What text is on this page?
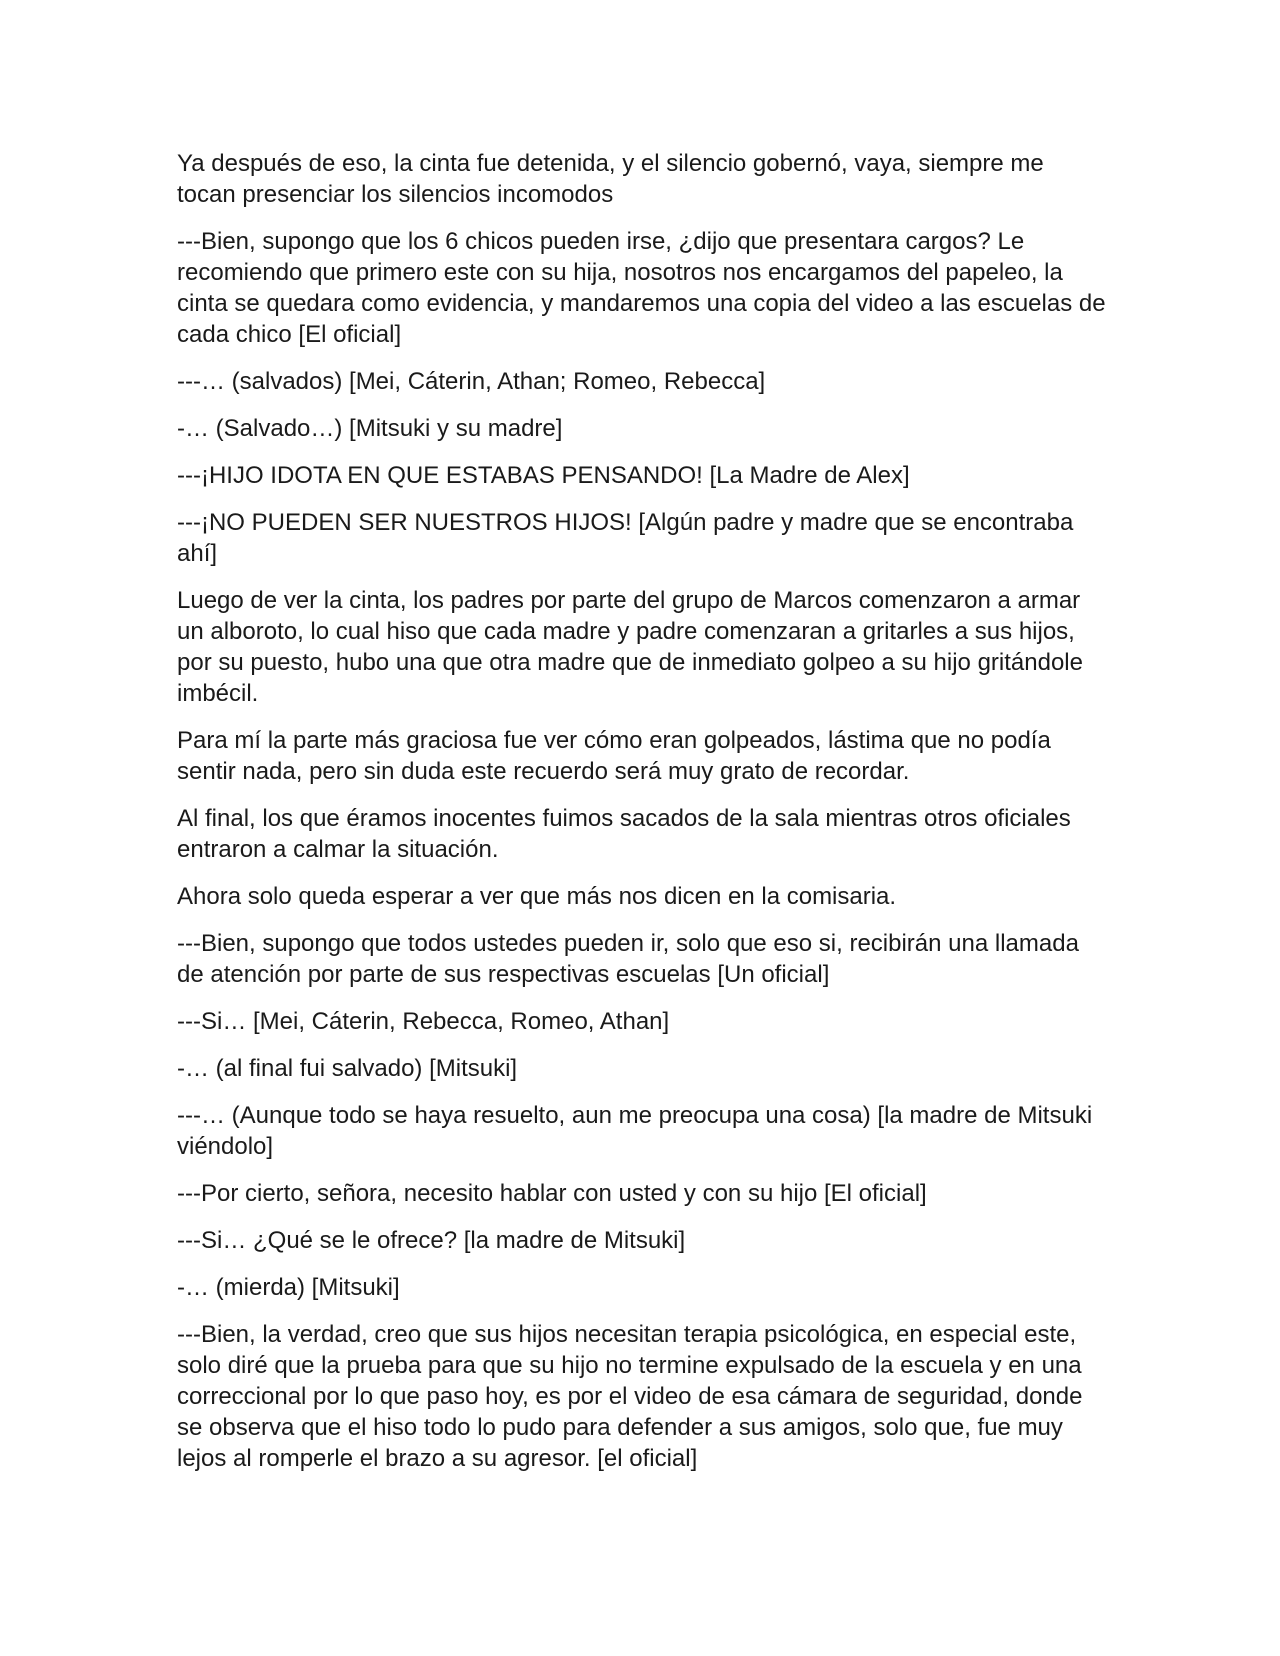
Ya después de eso, la cinta fue detenida, y el silencio gobernó, vaya, siempre me tocan presenciar los silencios incomodos

---Bien, supongo que los 6 chicos pueden irse, ¿dijo que presentara cargos? Le recomiendo que primero este con su hija, nosotros nos encargamos del papeleo, la cinta se quedara como evidencia, y mandaremos una copia del video a las escuelas de cada chico [El oficial]

---… (salvados) [Mei, Cáterin, Athan; Romeo, Rebecca]

-… (Salvado…) [Mitsuki y su madre]

---¡HIJO IDOTA EN QUE ESTABAS PENSANDO! [La Madre de Alex]

---¡NO PUEDEN SER NUESTROS HIJOS! [Algún padre y madre que se encontraba ahí]

Luego de ver la cinta, los padres por parte del grupo de Marcos comenzaron a armar un alboroto, lo cual hiso que cada madre y padre comenzaran a gritarles a sus hijos, por su puesto, hubo una que otra madre que de inmediato golpeo a su hijo gritándole imbécil.

Para mí la parte más graciosa fue ver cómo eran golpeados, lástima que no podía sentir nada, pero sin duda este recuerdo será muy grato de recordar.

Al final, los que éramos inocentes fuimos sacados de la sala mientras otros oficiales entraron a calmar la situación.

Ahora solo queda esperar a ver que más nos dicen en la comisaria.

---Bien, supongo que todos ustedes pueden ir, solo que eso si, recibirán una llamada de atención por parte de sus respectivas escuelas [Un oficial]

---Si… [Mei, Cáterin, Rebecca, Romeo, Athan]

-… (al final fui salvado) [Mitsuki]

---… (Aunque todo se haya resuelto, aun me preocupa una cosa) [la madre de Mitsuki viéndolo]

---Por cierto, señora, necesito hablar con usted y con su hijo [El oficial]

---Si… ¿Qué se le ofrece? [la madre de Mitsuki]

-… (mierda) [Mitsuki]

---Bien, la verdad, creo que sus hijos necesitan terapia psicológica, en especial este, solo diré que la prueba para que su hijo no termine expulsado de la escuela y en una correccional por lo que paso hoy, es por el video de esa cámara de seguridad, donde se observa que el hiso todo lo pudo para defender a sus amigos, solo que, fue muy lejos al romperle el brazo a su agresor. [el oficial]
